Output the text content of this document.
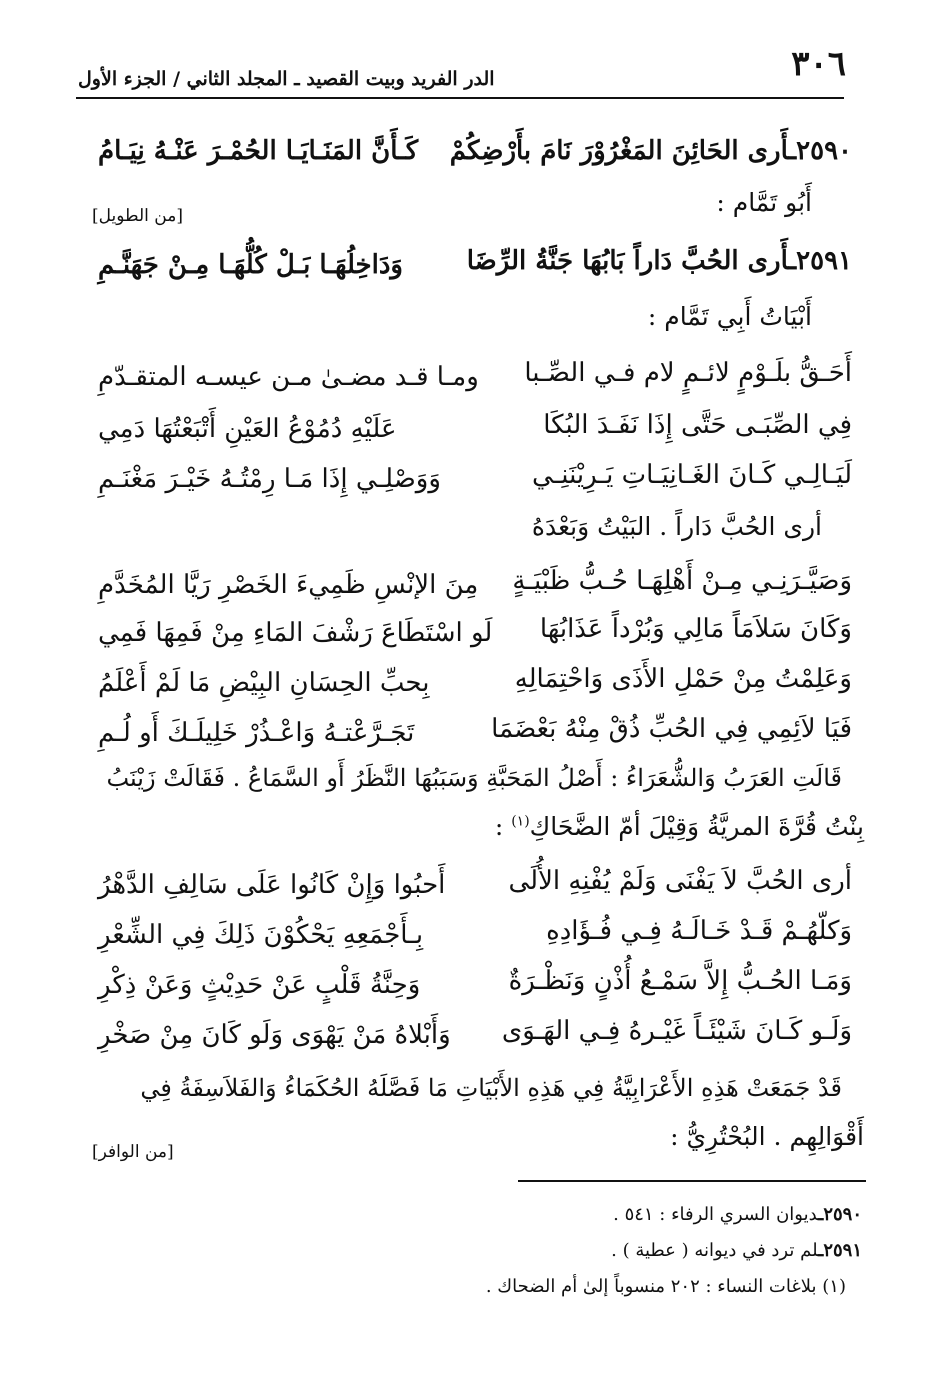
٣٠٦
الدر الفريد وبيت القصيد ـ المجلد الثاني / الجزء الأول
٢٥٩٠ـأَرى الحَائِنَ المَغْرُوْرَ نَامَ بأَرْضِكُمْ
كَـأَنَّ المَنَـايَـا الحُمْـرَ عَنْـهُ نِيَـامُ
أَبُو تَمَّام :
[من الطويل]
٢٥٩١ـأَرى الحُبَّ دَاراً بَابُهَا جَنَّةُ الرِّضَا
وَدَاخِلُهَـا بَـلْ كُلُّهَـا مِـنْ جَهَنَّـمِ
أَبْيَاتُ أَبِي تَمَّام :
أَحَـقُّ بلَـوْمٍ لائـمٍ لام فـي الصِّـبا
ومـا قـد مضـىٰ مـن عيسـه المتقـدّمِ
فِي الصِّبَـى حَتَّى إِذَا نَفَـدَ البُكَا
عَلَيْهِ دُمُوْعُ العَيْنِ أَتْبَعْتُهَا دَمِي
لَيَـالِـي كَـانَ الغَـانِيَـاتِ يَـرِيْنَنِـي
وَوَصْلِـي إِذَا مَـا رِمْتُـهُ خَيْـرَ مَغْنَـمِ
أرى الحُبَّ دَاراً . البَيْتُ وَبَعْدَهُ
وَصَيَّـرَنِـي مِـنْ أَهْلِهَـا حُـبُّ ظَبْيَـةٍ
مِنَ الإنْسِ ظَمِيءَ الخَصْرِ رَيَّا المُخَدَّمِ
وَكَانَ سَلاَمَاً مَالِي وَبُرْداً عَذَابُهَا
لَو اسْتَطَاعَ رَشْفَ المَاءِ مِنْ فَمِهَا فَمِي
وَعَلِمْتُ مِنْ حَمْلِ الأَذَى وَاحْتِمَالِهِ
بِحبِّ الحِسَانِ البِيْضِ مَا لَمْ أَعْلَمُ
فَيَا لاَئِمِي فِي الحُبِّ ذُقْ مِنْهُ بَعْضَمَا
تَجَـرَّعْتـهُ وَاعْـذُرْ خَلِيلَـكَ أَو لُـمِ
قَالَتِ العَرَبُ وَالشُّعَرَاءُ : أَصْلُ المَحَبَّةِ وَسَبَبُهَا النَّظَرُ أَو السَّمَاعُ . فَقَالَتْ زَيْنَبُ
بِنْتُ قُرَّةَ المريَّةُ وَقِيْلَ أمّ الضَّحَاكِ$^{(١)}$ :
أرى الحُبَّ لاَ يَفْنَى وَلَمْ يُفْنِهِ الأُلَى
أَحبُوا وَإِنْ كَانُوا عَلَى سَالِفِ الدَّهْرُ
وَكلّهُـمْ قَـدْ خَـالَـهُ فِـي فُـؤَادِهِ
بِـأَجْمَعِهِ يَحْكُوْنَ ذَلِكَ فِي الشِّعْرِ
وَمَـا الحُـبُّ إِلاَّ سَمْـعُ أُذْنٍ وَنَظْـرَةٌ
وَحِنَّةُ قَلْبٍ عَنْ حَدِيْثٍ وَعَنْ ذِكْرِ
وَلَـو كَـانَ شَيْئَـاً غَيْـرهُ فِـي الهَـوَى
وَأَبْلاهُ مَنْ يَهْوَى وَلَو كَانَ مِنْ صَخْرِ
قَدْ جَمَعَتْ هَذِهِ الأَعْرَابِيَّةُ فِي هَذِهِ الأَبْيَاتِ مَا فَصَّلَهُ الحُكَمَاءُ وَالفَلاَسِفَةُ فِي
أَقْوَالِهِم . البُحْتُرِيُّ :
[من الوافر]
٢٥٩٠ـديوان السري الرفاء : ٥٤١ .
٢٥٩١ـلم ترد في ديوانه ( عطية ) .
(١) بلاغات النساء : ٢٠٢ منسوباً إلىٰ أم الضحاك .
